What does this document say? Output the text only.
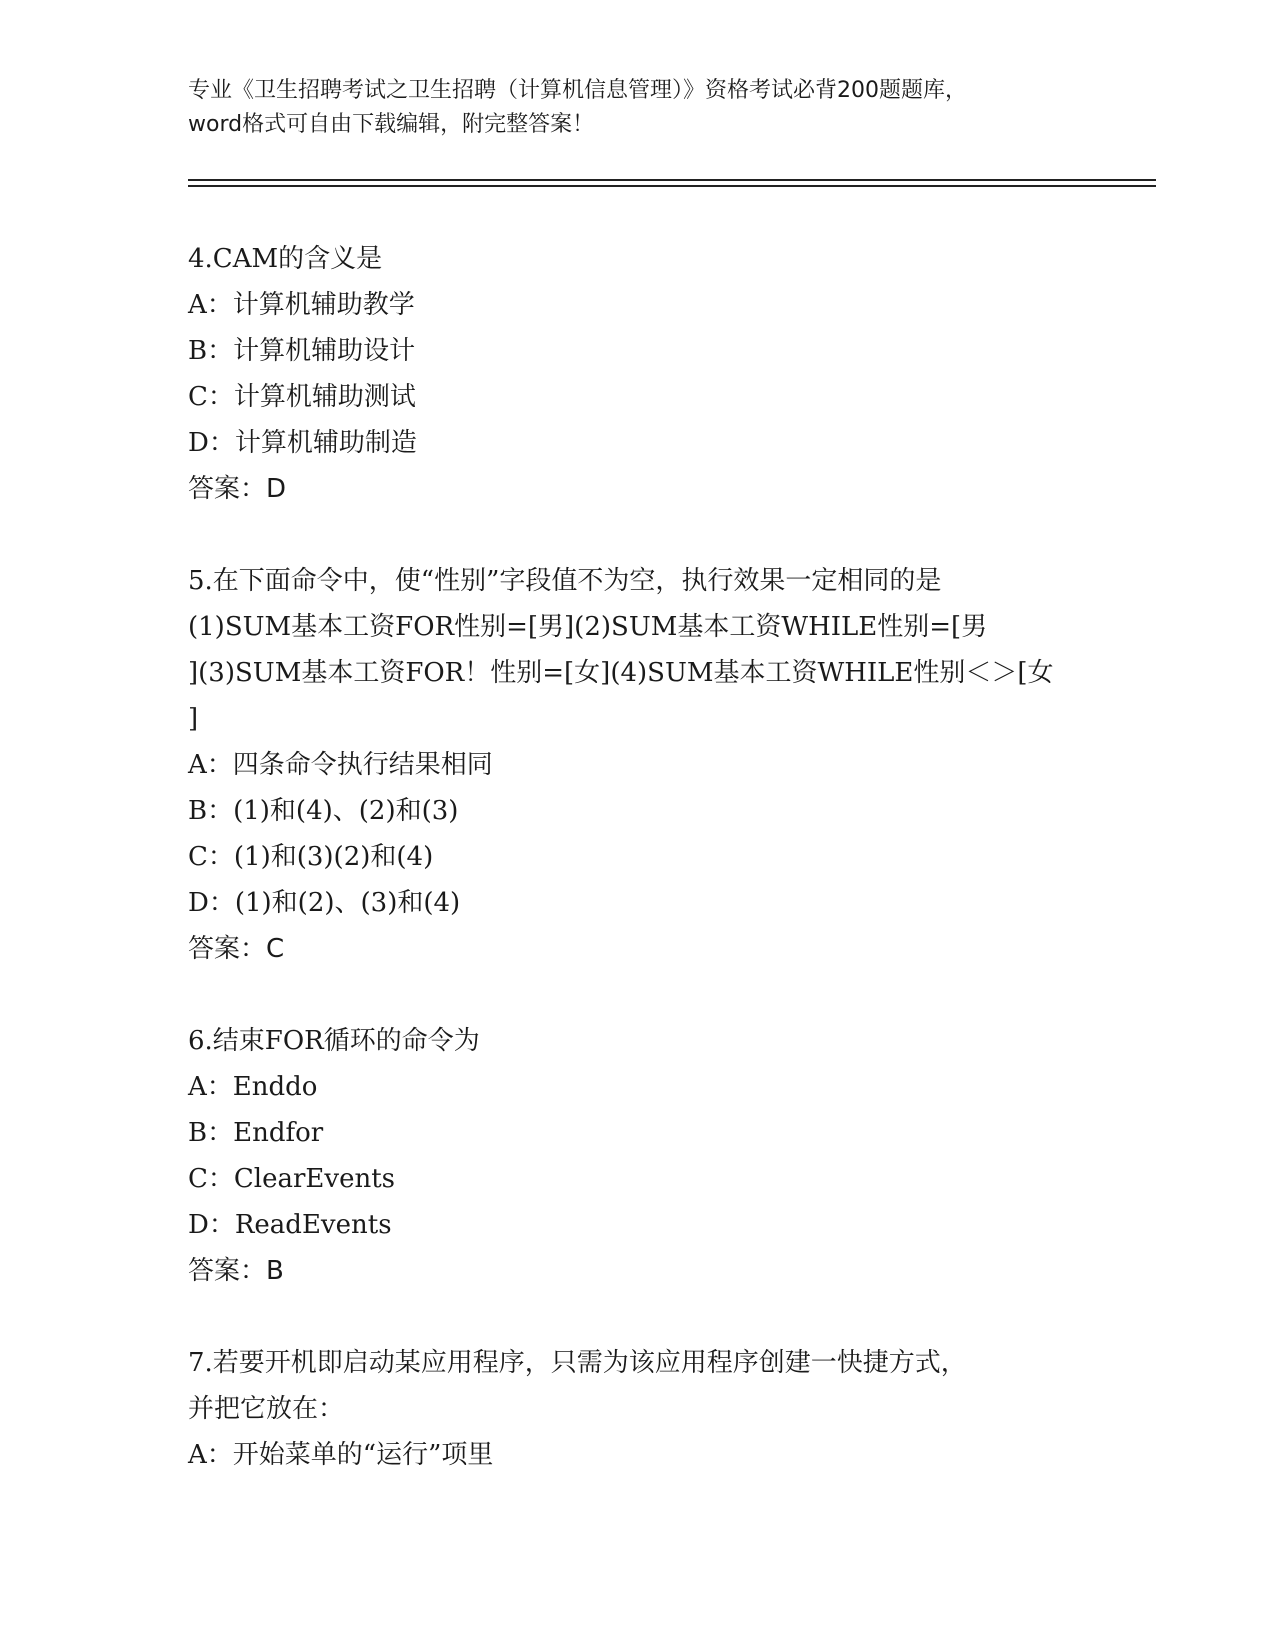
专业《卫生招聘考试之卫生招聘（计算机信息管理）》资格考试必背200题题库，
word格式可自由下载编辑，附完整答案！
4.CAM的含义是
A：计算机辅助教学
B：计算机辅助设计
C：计算机辅助测试
D：计算机辅助制造
答案：D
5.在下面命令中，使“性别”字段值不为空，执行效果一定相同的是
(1)SUM基本工资FOR性别=[男](2)SUM基本工资WHILE性别=[男
](3)SUM基本工资FOR！性别=[女](4)SUM基本工资WHILE性别＜＞[女
]
A：四条命令执行结果相同
B：(1)和(4)、(2)和(3)
C：(1)和(3)(2)和(4)
D：(1)和(2)、(3)和(4)
答案：C
6.结束FOR循环的命令为
A：Enddo
B：Endfor
C：ClearEvents
D：ReadEvents
答案：B
7.若要开机即启动某应用程序，只需为该应用程序创建一快捷方式，
并把它放在：
A：开始菜单的“运行”项里
